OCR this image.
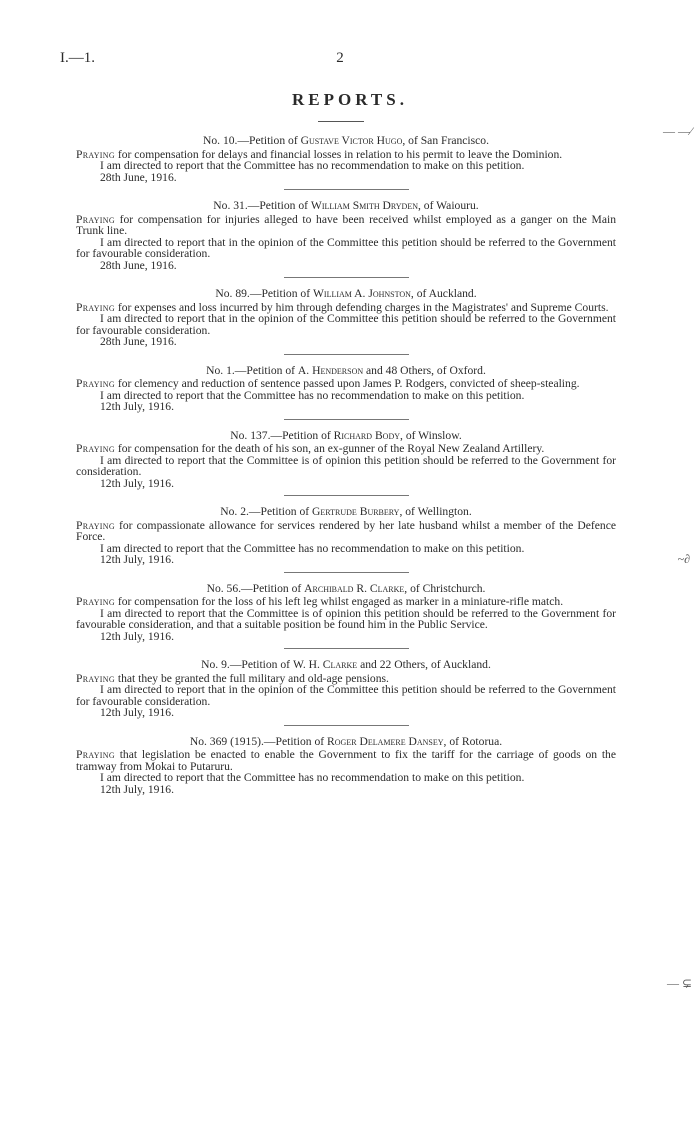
I.—1.	2
REPORTS.
— —⁄
~∂
— ⊊

No. 10.—Petition of Gustave Victor Hugo, of San Francisco.

Praying for compensation for delays and financial losses in relation to his permit to leave the Dominion.

I am directed to report that the Committee has no recommendation to make on this petition.

28th June, 1916.

No. 31.—Petition of William Smith Dryden, of Waiouru.

Praying for compensation for injuries alleged to have been received whilst employed as a ganger on the Main Trunk line.

I am directed to report that in the opinion of the Committee this petition should be referred to the Government for favourable consideration.

28th June, 1916.

No. 89.—Petition of William A. Johnston, of Auckland.

Praying for expenses and loss incurred by him through defending charges in the Magistrates' and Supreme Courts.

I am directed to report that in the opinion of the Committee this petition should be referred to the Government for favourable consideration.

28th June, 1916.

No. 1.—Petition of A. Henderson and 48 Others, of Oxford.

Praying for clemency and reduction of sentence passed upon James P. Rodgers, convicted of sheep-stealing.

I am directed to report that the Committee has no recommendation to make on this petition.

12th July, 1916.

No. 137.—Petition of Richard Body, of Winslow.

Praying for compensation for the death of his son, an ex-gunner of the Royal New Zealand Artillery.

I am directed to report that the Committee is of opinion this petition should be referred to the Government for consideration.

12th July, 1916.

No. 2.—Petition of Gertrude Burbery, of Wellington.

Praying for compassionate allowance for services rendered by her late husband whilst a member of the Defence Force.

I am directed to report that the Committee has no recommendation to make on this petition.

12th July, 1916.

No. 56.—Petition of Archibald R. Clarke, of Christchurch.

Praying for compensation for the loss of his left leg whilst engaged as marker in a miniature-rifle match.

I am directed to report that the Committee is of opinion this petition should be referred to the Government for favourable consideration, and that a suitable position be found him in the Public Service.

12th July, 1916.

No. 9.—Petition of W. H. Clarke and 22 Others, of Auckland.

Praying that they be granted the full military and old-age pensions.

I am directed to report that in the opinion of the Committee this petition should be referred to the Government for favourable consideration.

12th July, 1916.

No. 369 (1915).—Petition of Roger Delamere Dansey, of Rotorua.

Praying that legislation be enacted to enable the Government to fix the tariff for the carriage of goods on the tramway from Mokai to Putaruru.

I am directed to report that the Committee has no recommendation to make on this petition.

12th July, 1916.
